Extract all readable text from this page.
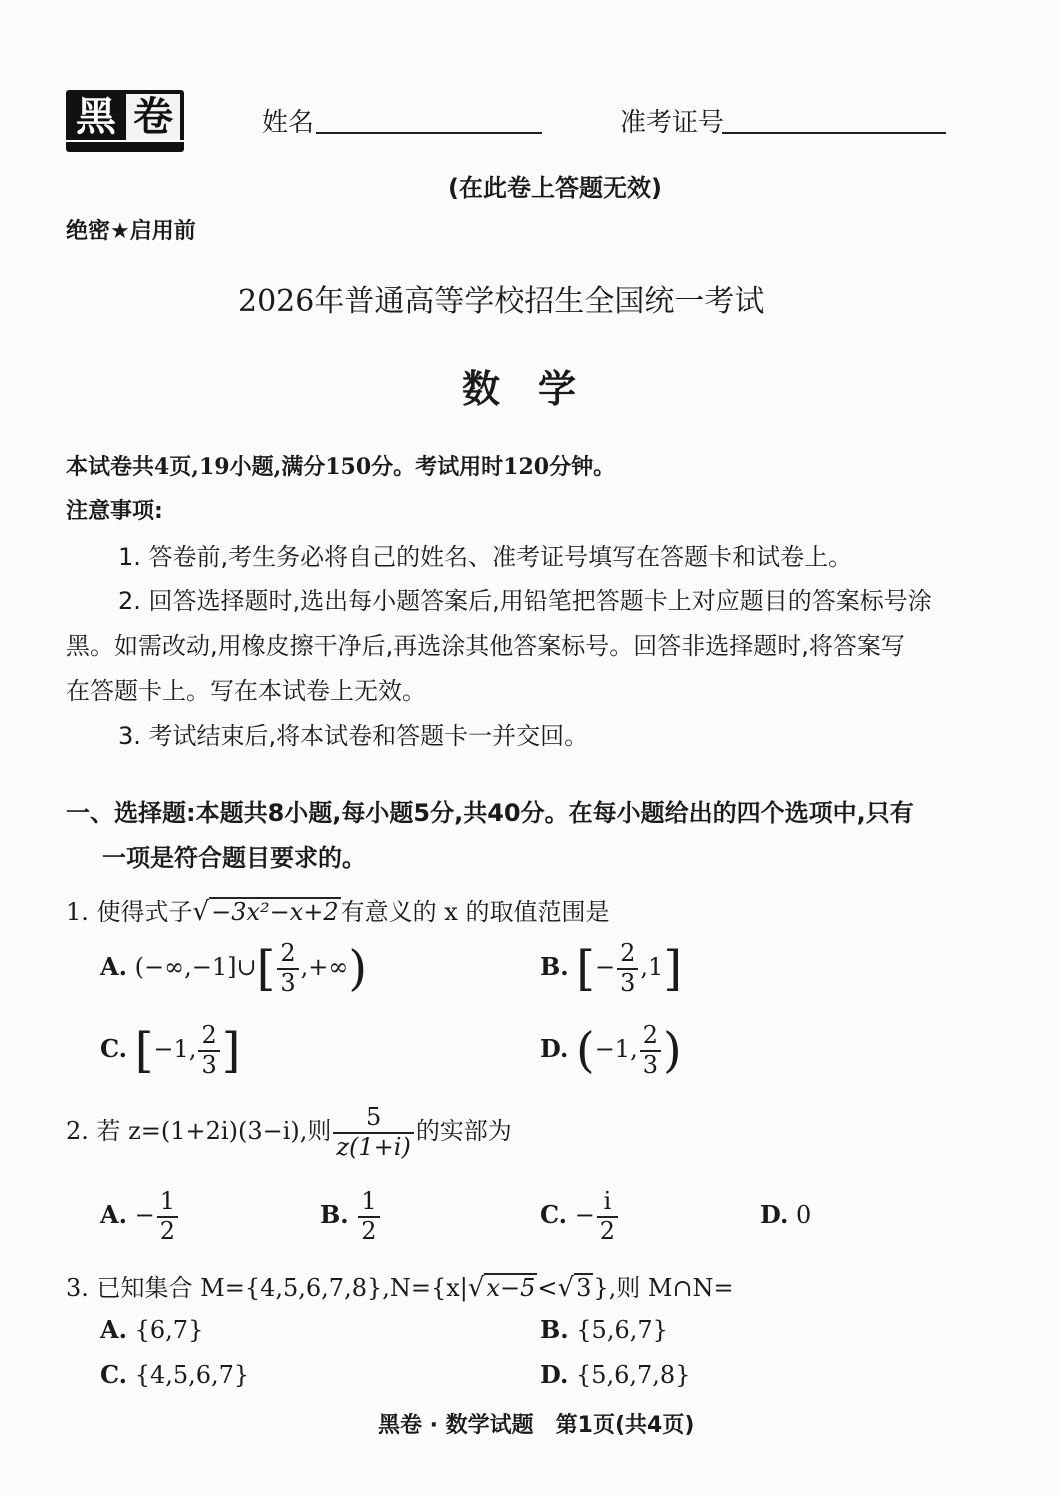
黑 卷	姓名	准考证号
(在此卷上答题无效)
绝密★启用前
2026年普通高等学校招生全国统一考试
数　学
本试卷共4页,19小题,满分150分。考试用时120分钟。
注意事项:
1. 答卷前,考生务必将自己的姓名、准考证号填写在答题卡和试卷上。
2. 回答选择题时,选出每小题答案后,用铅笔把答题卡上对应题目的答案标号涂
黑。如需改动,用橡皮擦干净后,再选涂其他答案标号。回答非选择题时,将答案写
在答题卡上。写在本试卷上无效。
3. 考试结束后,将本试卷和答题卡一并交回。
一、选择题:本题共8小题,每小题5分,共40分。在每小题给出的四个选项中,只有
一项是符合题目要求的。
1. 使得式子√−3x²−x+2有意义的 x 的取值范围是
A. (−∞,−1]∪[ $\frac{2}{3}$ ,+∞)	B. [− $\frac{2}{3} ,1$]
C. [−1, $\frac{2}{3}$ ]	D. (−1, $\frac{2}{3}$ )
2. 若 z=(1+2i)(3−i),则 $\frac{5}{z(1+i)}$ 的实部为
A. − $\frac{1}{2}$	B. $\frac{1}{2}$	C. − $\frac{i}{2}$	D. 0
3. 已知集合 M={4,5,6,7,8},N={x|√x−5<√3},则 M∩N=
A. {6,7}	B. {5,6,7}
C. {4,5,6,7}	D. {5,6,7,8}
黑卷 · 数学试题　第1页(共4页)
